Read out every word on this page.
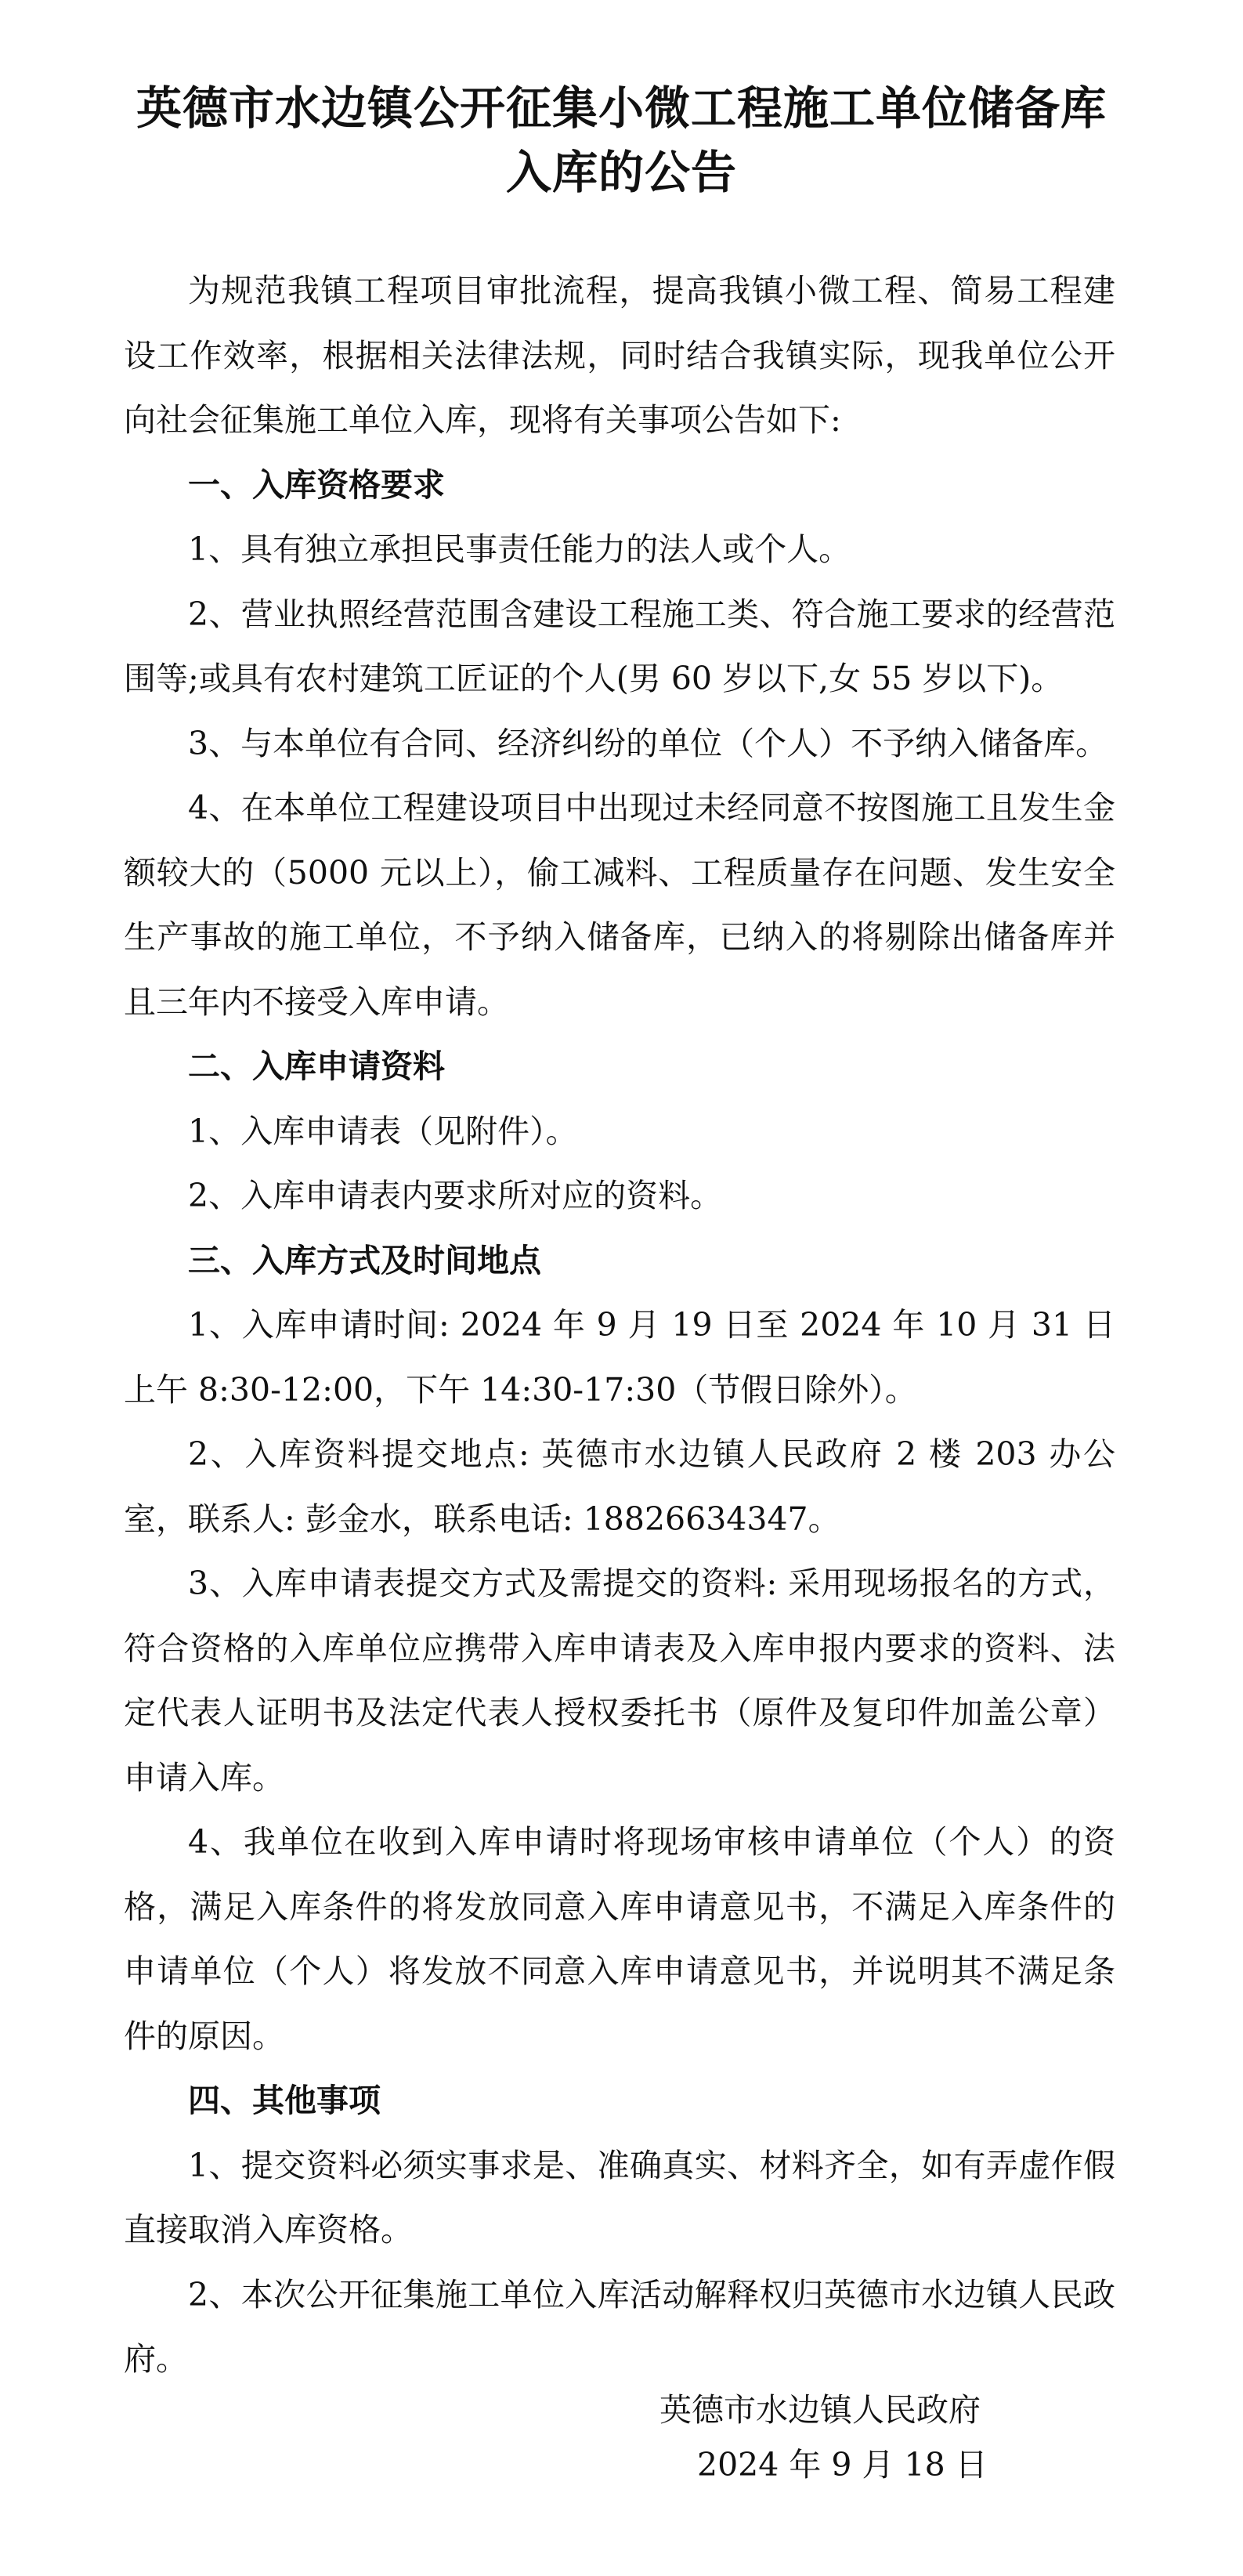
英德市水边镇公开征集小微工程施工单位储备库
入库的公告

为规范我镇工程项目审批流程，提高我镇小微工程、简易工程建设工作效率，根据相关法律法规，同时结合我镇实际，现我单位公开向社会征集施工单位入库，现将有关事项公告如下:

一、入库资格要求

1、具有独立承担民事责任能力的法人或个人。

2、营业执照经营范围含建设工程施工类、符合施工要求的经营范围等;或具有农村建筑工匠证的个人(男 60 岁以下,女 55 岁以下)。

3、与本单位有合同、经济纠纷的单位（个人）不予纳入储备库。

4、在本单位工程建设项目中出现过未经同意不按图施工且发生金额较大的（5000 元以上），偷工减料、工程质量存在问题、发生安全生产事故的施工单位，不予纳入储备库，已纳入的将剔除出储备库并且三年内不接受入库申请。

二、入库申请资料

1、入库申请表（见附件）。

2、入库申请表内要求所对应的资料。

三、入库方式及时间地点

1、入库申请时间: 2024 年 9 月 19 日至 2024 年 10 月 31 日上午 8:30-12:00，下午 14:30-17:30（节假日除外）。

2、入库资料提交地点: 英德市水边镇人民政府 2 楼 203 办公室，联系人: 彭金水，联系电话: 18826634347。

3、入库申请表提交方式及需提交的资料: 采用现场报名的方式，符合资格的入库单位应携带入库申请表及入库申报内要求的资料、法定代表人证明书及法定代表人授权委托书（原件及复印件加盖公章）申请入库。

4、我单位在收到入库申请时将现场审核申请单位（个人）的资格，满足入库条件的将发放同意入库申请意见书，不满足入库条件的申请单位（个人）将发放不同意入库申请意见书，并说明其不满足条件的原因。

四、其他事项

1、提交资料必须实事求是、准确真实、材料齐全，如有弄虚作假直接取消入库资格。

2、本次公开征集施工单位入库活动解释权归英德市水边镇人民政府。

英德市水边镇人民政府
2024 年 9 月 18 日
